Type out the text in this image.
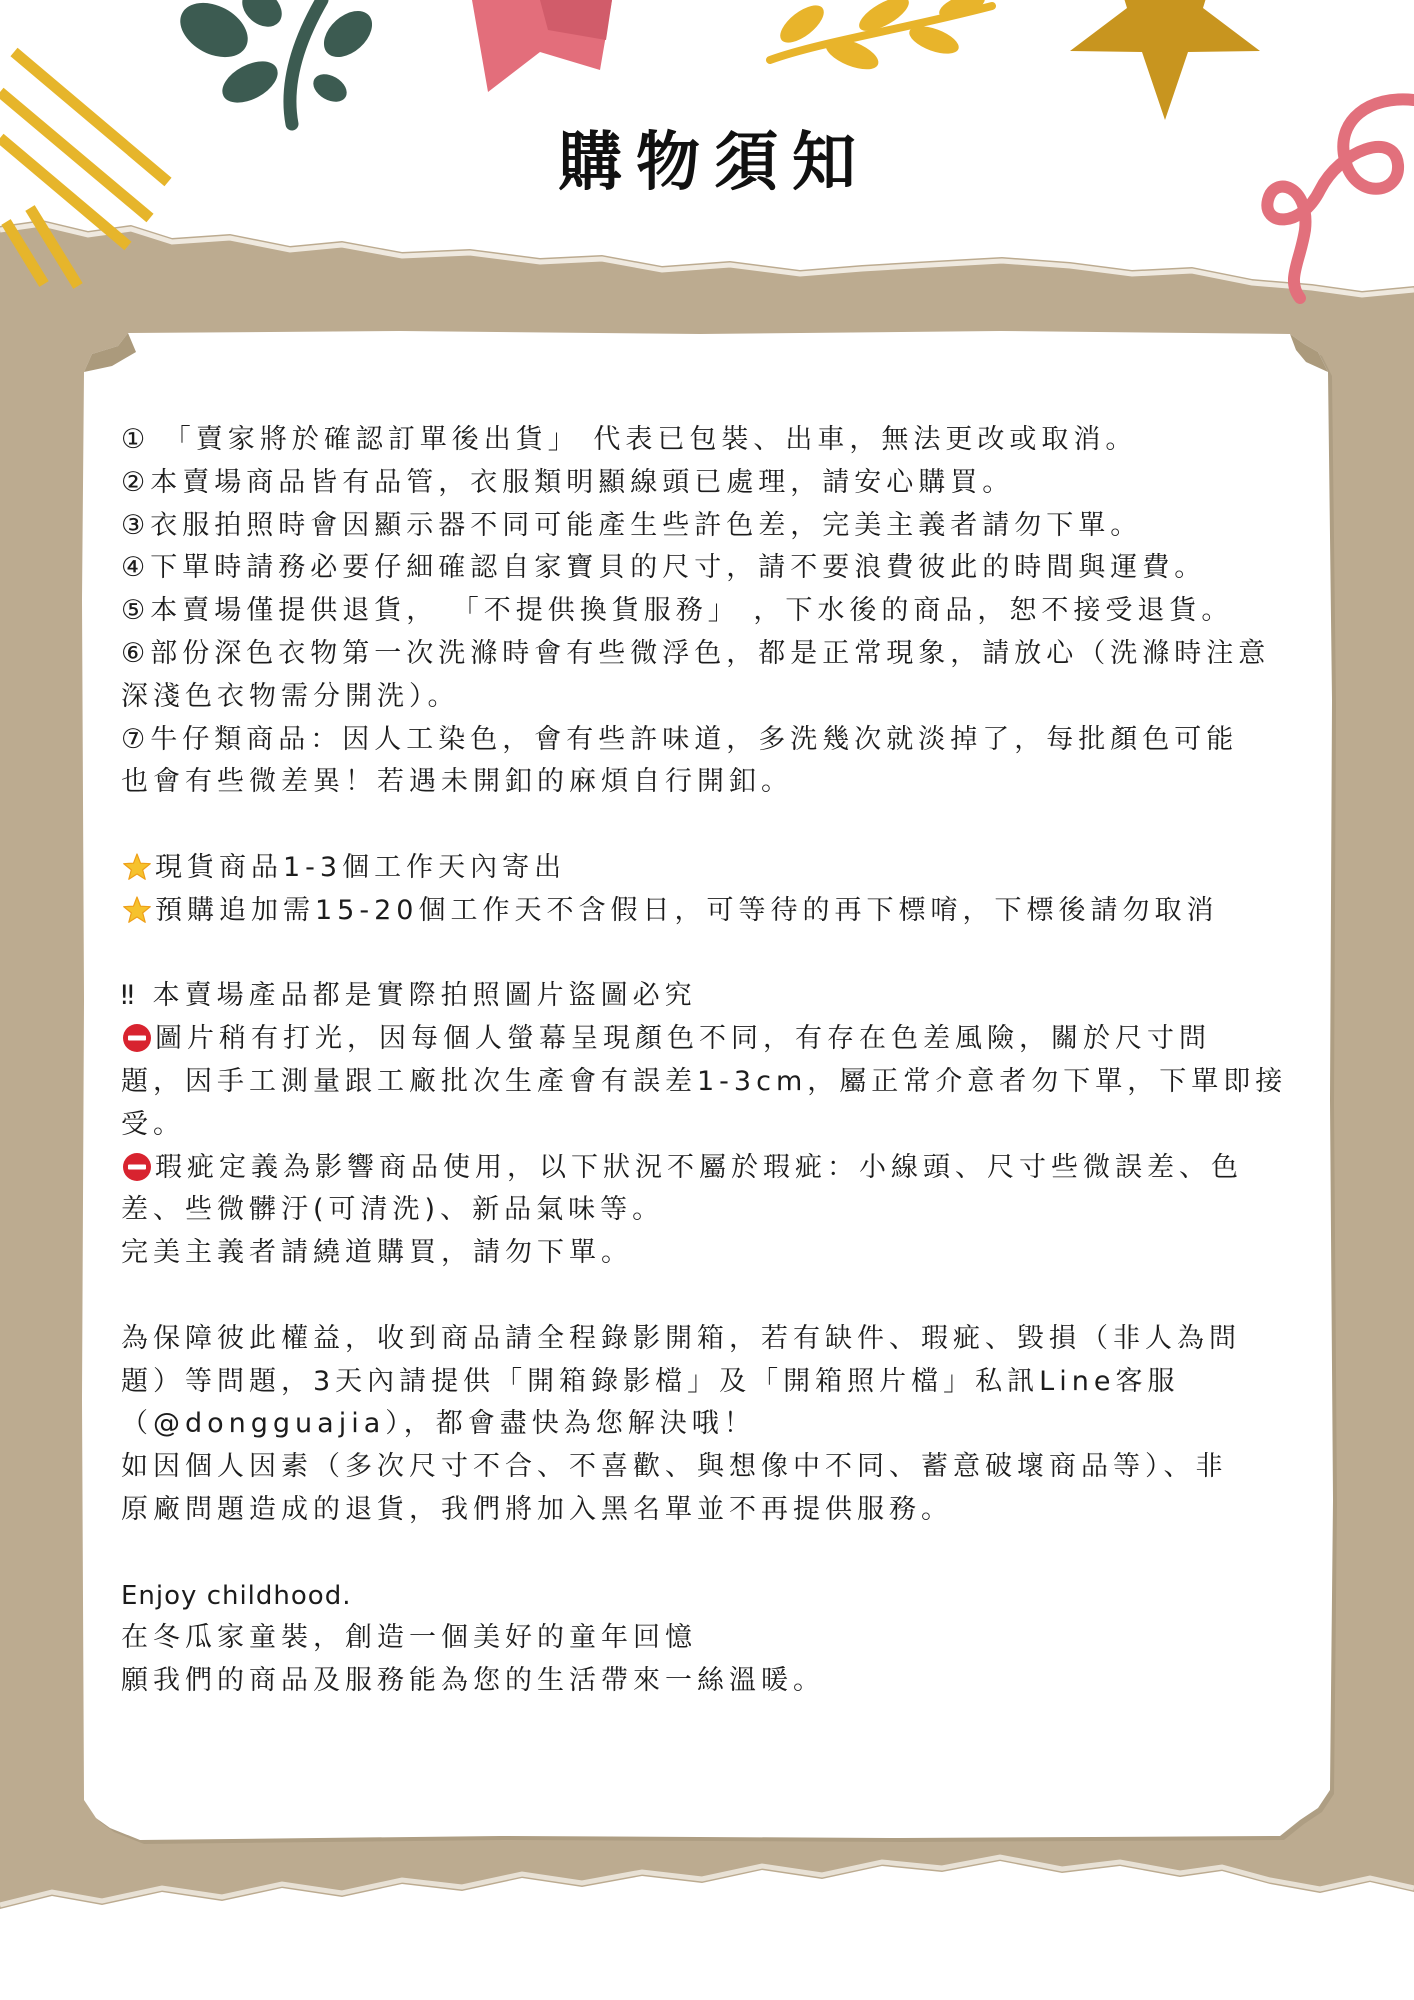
購物須知

① 「賣家將於確認訂單後出貨」 代表已包裝、出車，無法更改或取消。

②本賣場商品皆有品管，衣服類明顯線頭已處理，請安心購買。

③衣服拍照時會因顯示器不同可能產生些許色差，完美主義者請勿下單。

④下單時請務必要仔細確認自家寶貝的尺寸，請不要浪費彼此的時間與運費。

⑤本賣場僅提供退貨， 「不提供換貨服務」 ，下水後的商品，恕不接受退貨。

⑥部份深色衣物第一次洗滌時會有些微浮色，都是正常現象，請放心（洗滌時注意

深淺色衣物需分開洗）。

⑦牛仔類商品：因人工染色，會有些許味道，多洗幾次就淡掉了，每批顏色可能

也會有些微差異！若遇未開釦的麻煩自行開釦。

現貨商品1-3個工作天內寄出

預購追加需15-20個工作天不含假日，可等待的再下標唷，下標後請勿取消

‼ 本賣場產品都是實際拍照圖片盜圖必究

圖片稍有打光，因每個人螢幕呈現顏色不同，有存在色差風險，關於尺寸問

題，因手工測量跟工廠批次生產會有誤差1-3cm，屬正常介意者勿下單，下單即接

受。

瑕疵定義為影響商品使用，以下狀況不屬於瑕疵：小線頭、尺寸些微誤差、色

差、些微髒汙(可清洗)、新品氣味等。

完美主義者請繞道購買，請勿下單。

為保障彼此權益，收到商品請全程錄影開箱，若有缺件、瑕疵、毀損（非人為問

題）等問題，3天內請提供「開箱錄影檔」及「開箱照片檔」私訊Line客服

（@dongguajia），都會盡快為您解決哦！

如因個人因素（多次尺寸不合、不喜歡、與想像中不同、蓄意破壞商品等）、非

原廠問題造成的退貨，我們將加入黑名單並不再提供服務。

Enjoy childhood.

在冬瓜家童裝，創造一個美好的童年回憶

願我們的商品及服務能為您的生活帶來一絲溫暖。
